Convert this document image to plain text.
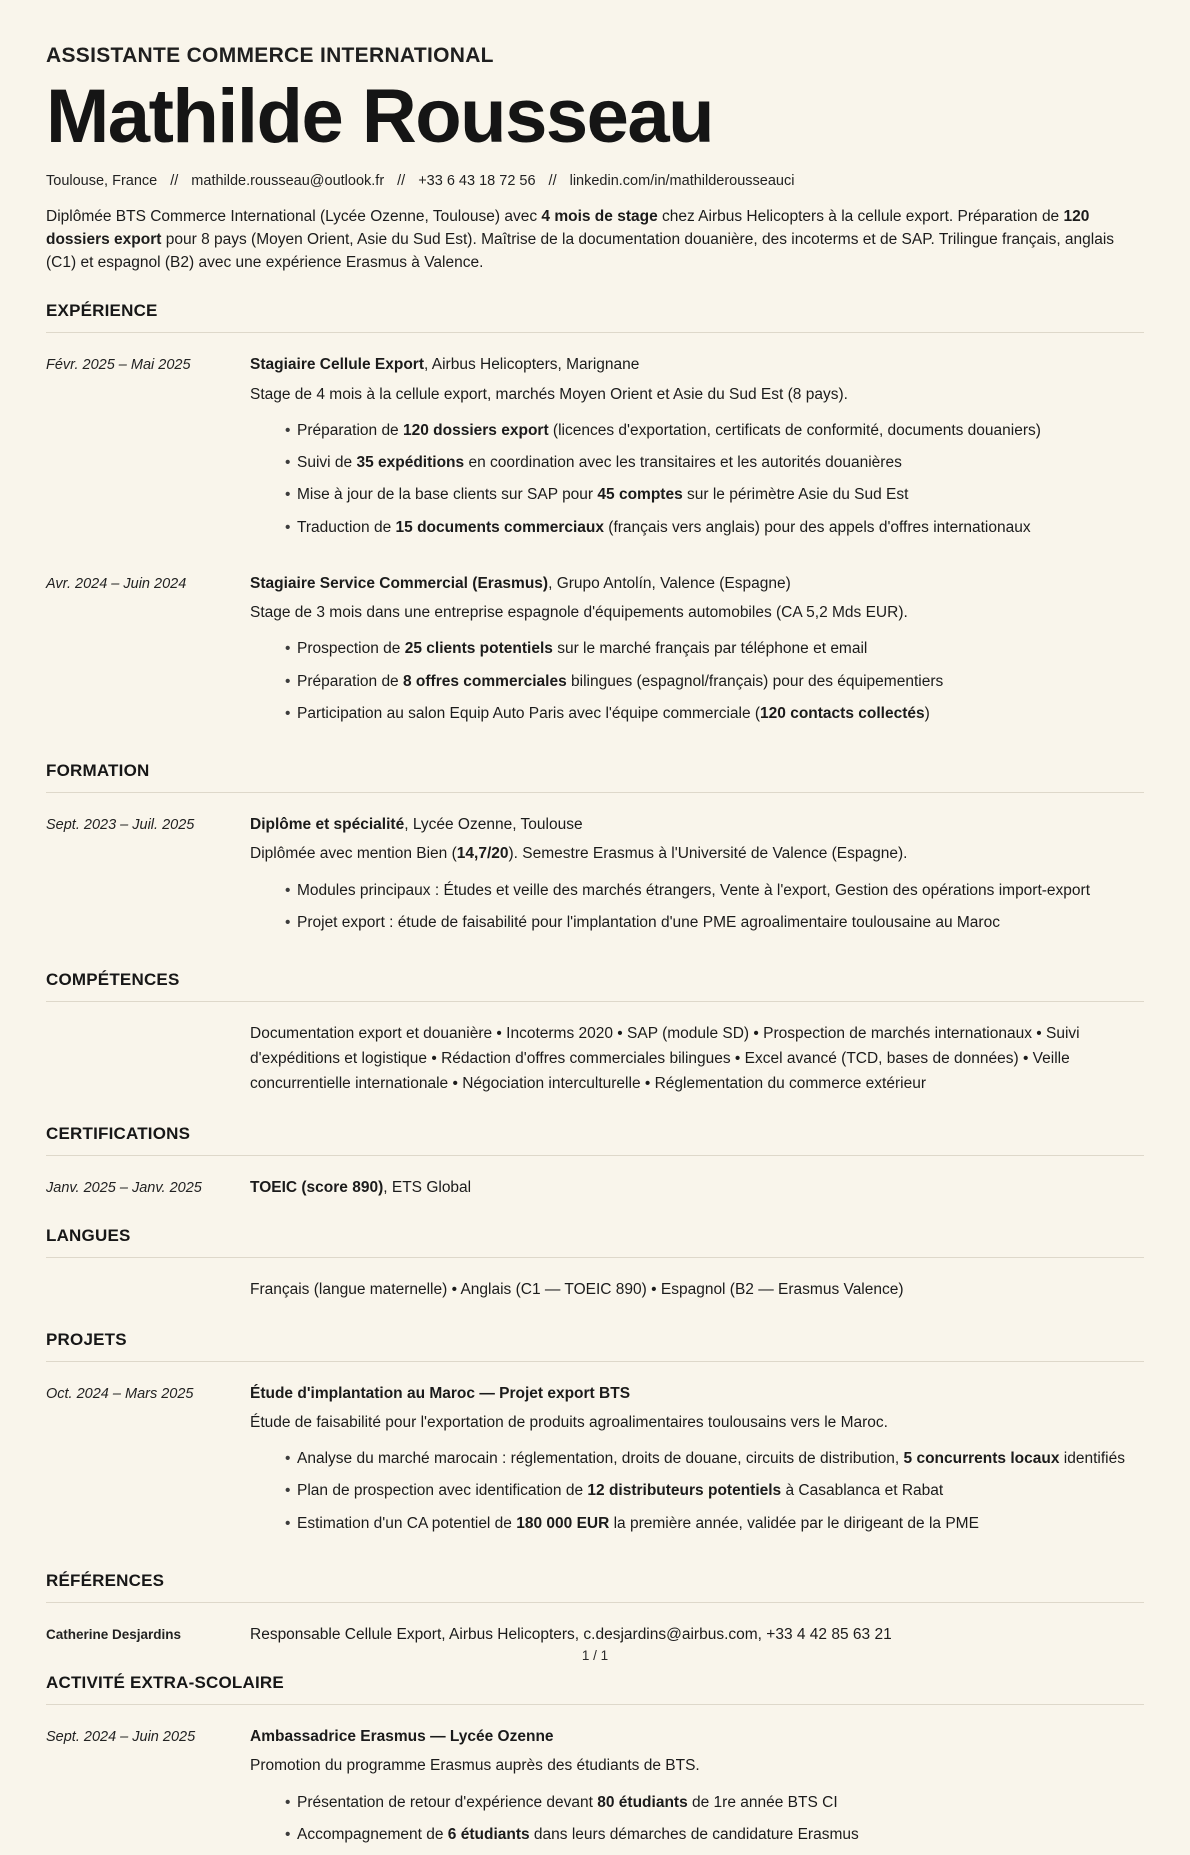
ASSISTANTE COMMERCE INTERNATIONAL
Mathilde Rousseau
Toulouse, France // mathilde.rousseau@outlook.fr // +33 6 43 18 72 56 // linkedin.com/in/mathilderousseauci

Diplômée BTS Commerce International (Lycée Ozenne, Toulouse) avec 4 mois de stage chez Airbus Helicopters à la cellule export. Préparation de 120 dossiers export pour 8 pays (Moyen Orient, Asie du Sud Est). Maîtrise de la documentation douanière, des incoterms et de SAP. Trilingue français, anglais (C1) et espagnol (B2) avec une expérience Erasmus à Valence.

EXPÉRIENCE
Févr. 2025 – Mai 2025	Stagiaire Cellule Export, Airbus Helicopters, Marignane
Stage de 4 mois à la cellule export, marchés Moyen Orient et Asie du Sud Est (8 pays).
• Préparation de 120 dossiers export (licences d'exportation, certificats de conformité, documents douaniers)
• Suivi de 35 expéditions en coordination avec les transitaires et les autorités douanières
• Mise à jour de la base clients sur SAP pour 45 comptes sur le périmètre Asie du Sud Est
• Traduction de 15 documents commerciaux (français vers anglais) pour des appels d'offres internationaux
Avr. 2024 – Juin 2024	Stagiaire Service Commercial (Erasmus), Grupo Antolín, Valence (Espagne)
Stage de 3 mois dans une entreprise espagnole d'équipements automobiles (CA 5,2 Mds EUR).
• Prospection de 25 clients potentiels sur le marché français par téléphone et email
• Préparation de 8 offres commerciales bilingues (espagnol/français) pour des équipementiers
• Participation au salon Equip Auto Paris avec l'équipe commerciale (120 contacts collectés)
FORMATION
Sept. 2023 – Juil. 2025	Diplôme et spécialité, Lycée Ozenne, Toulouse
Diplômée avec mention Bien (14,7/20). Semestre Erasmus à l'Université de Valence (Espagne).
• Modules principaux : Études et veille des marchés étrangers, Vente à l'export, Gestion des opérations import-export
• Projet export : étude de faisabilité pour l'implantation d'une PME agroalimentaire toulousaine au Maroc
COMPÉTENCES
Documentation export et douanière • Incoterms 2020 • SAP (module SD) • Prospection de marchés internationaux • Suivi d'expéditions et logistique • Rédaction d'offres commerciales bilingues • Excel avancé (TCD, bases de données) • Veille concurrentielle internationale • Négociation interculturelle • Réglementation du commerce extérieur
CERTIFICATIONS
Janv. 2025 – Janv. 2025	TOEIC (score 890), ETS Global
LANGUES
Français (langue maternelle) • Anglais (C1 — TOEIC 890) • Espagnol (B2 — Erasmus Valence)
PROJETS
Oct. 2024 – Mars 2025	Étude d'implantation au Maroc — Projet export BTS
Étude de faisabilité pour l'exportation de produits agroalimentaires toulousains vers le Maroc.
• Analyse du marché marocain : réglementation, droits de douane, circuits de distribution, 5 concurrents locaux identifiés
• Plan de prospection avec identification de 12 distributeurs potentiels à Casablanca et Rabat
• Estimation d'un CA potentiel de 180 000 EUR la première année, validée par le dirigeant de la PME
RÉFÉRENCES
Catherine Desjardins	Responsable Cellule Export, Airbus Helicopters, c.desjardins@airbus.com, +33 4 42 85 63 21
ACTIVITÉ EXTRA-SCOLAIRE
Sept. 2024 – Juin 2025	Ambassadrice Erasmus — Lycée Ozenne
Promotion du programme Erasmus auprès des étudiants de BTS.
• Présentation de retour d'expérience devant 80 étudiants de 1re année BTS CI
• Accompagnement de 6 étudiants dans leurs démarches de candidature Erasmus
1 / 1
